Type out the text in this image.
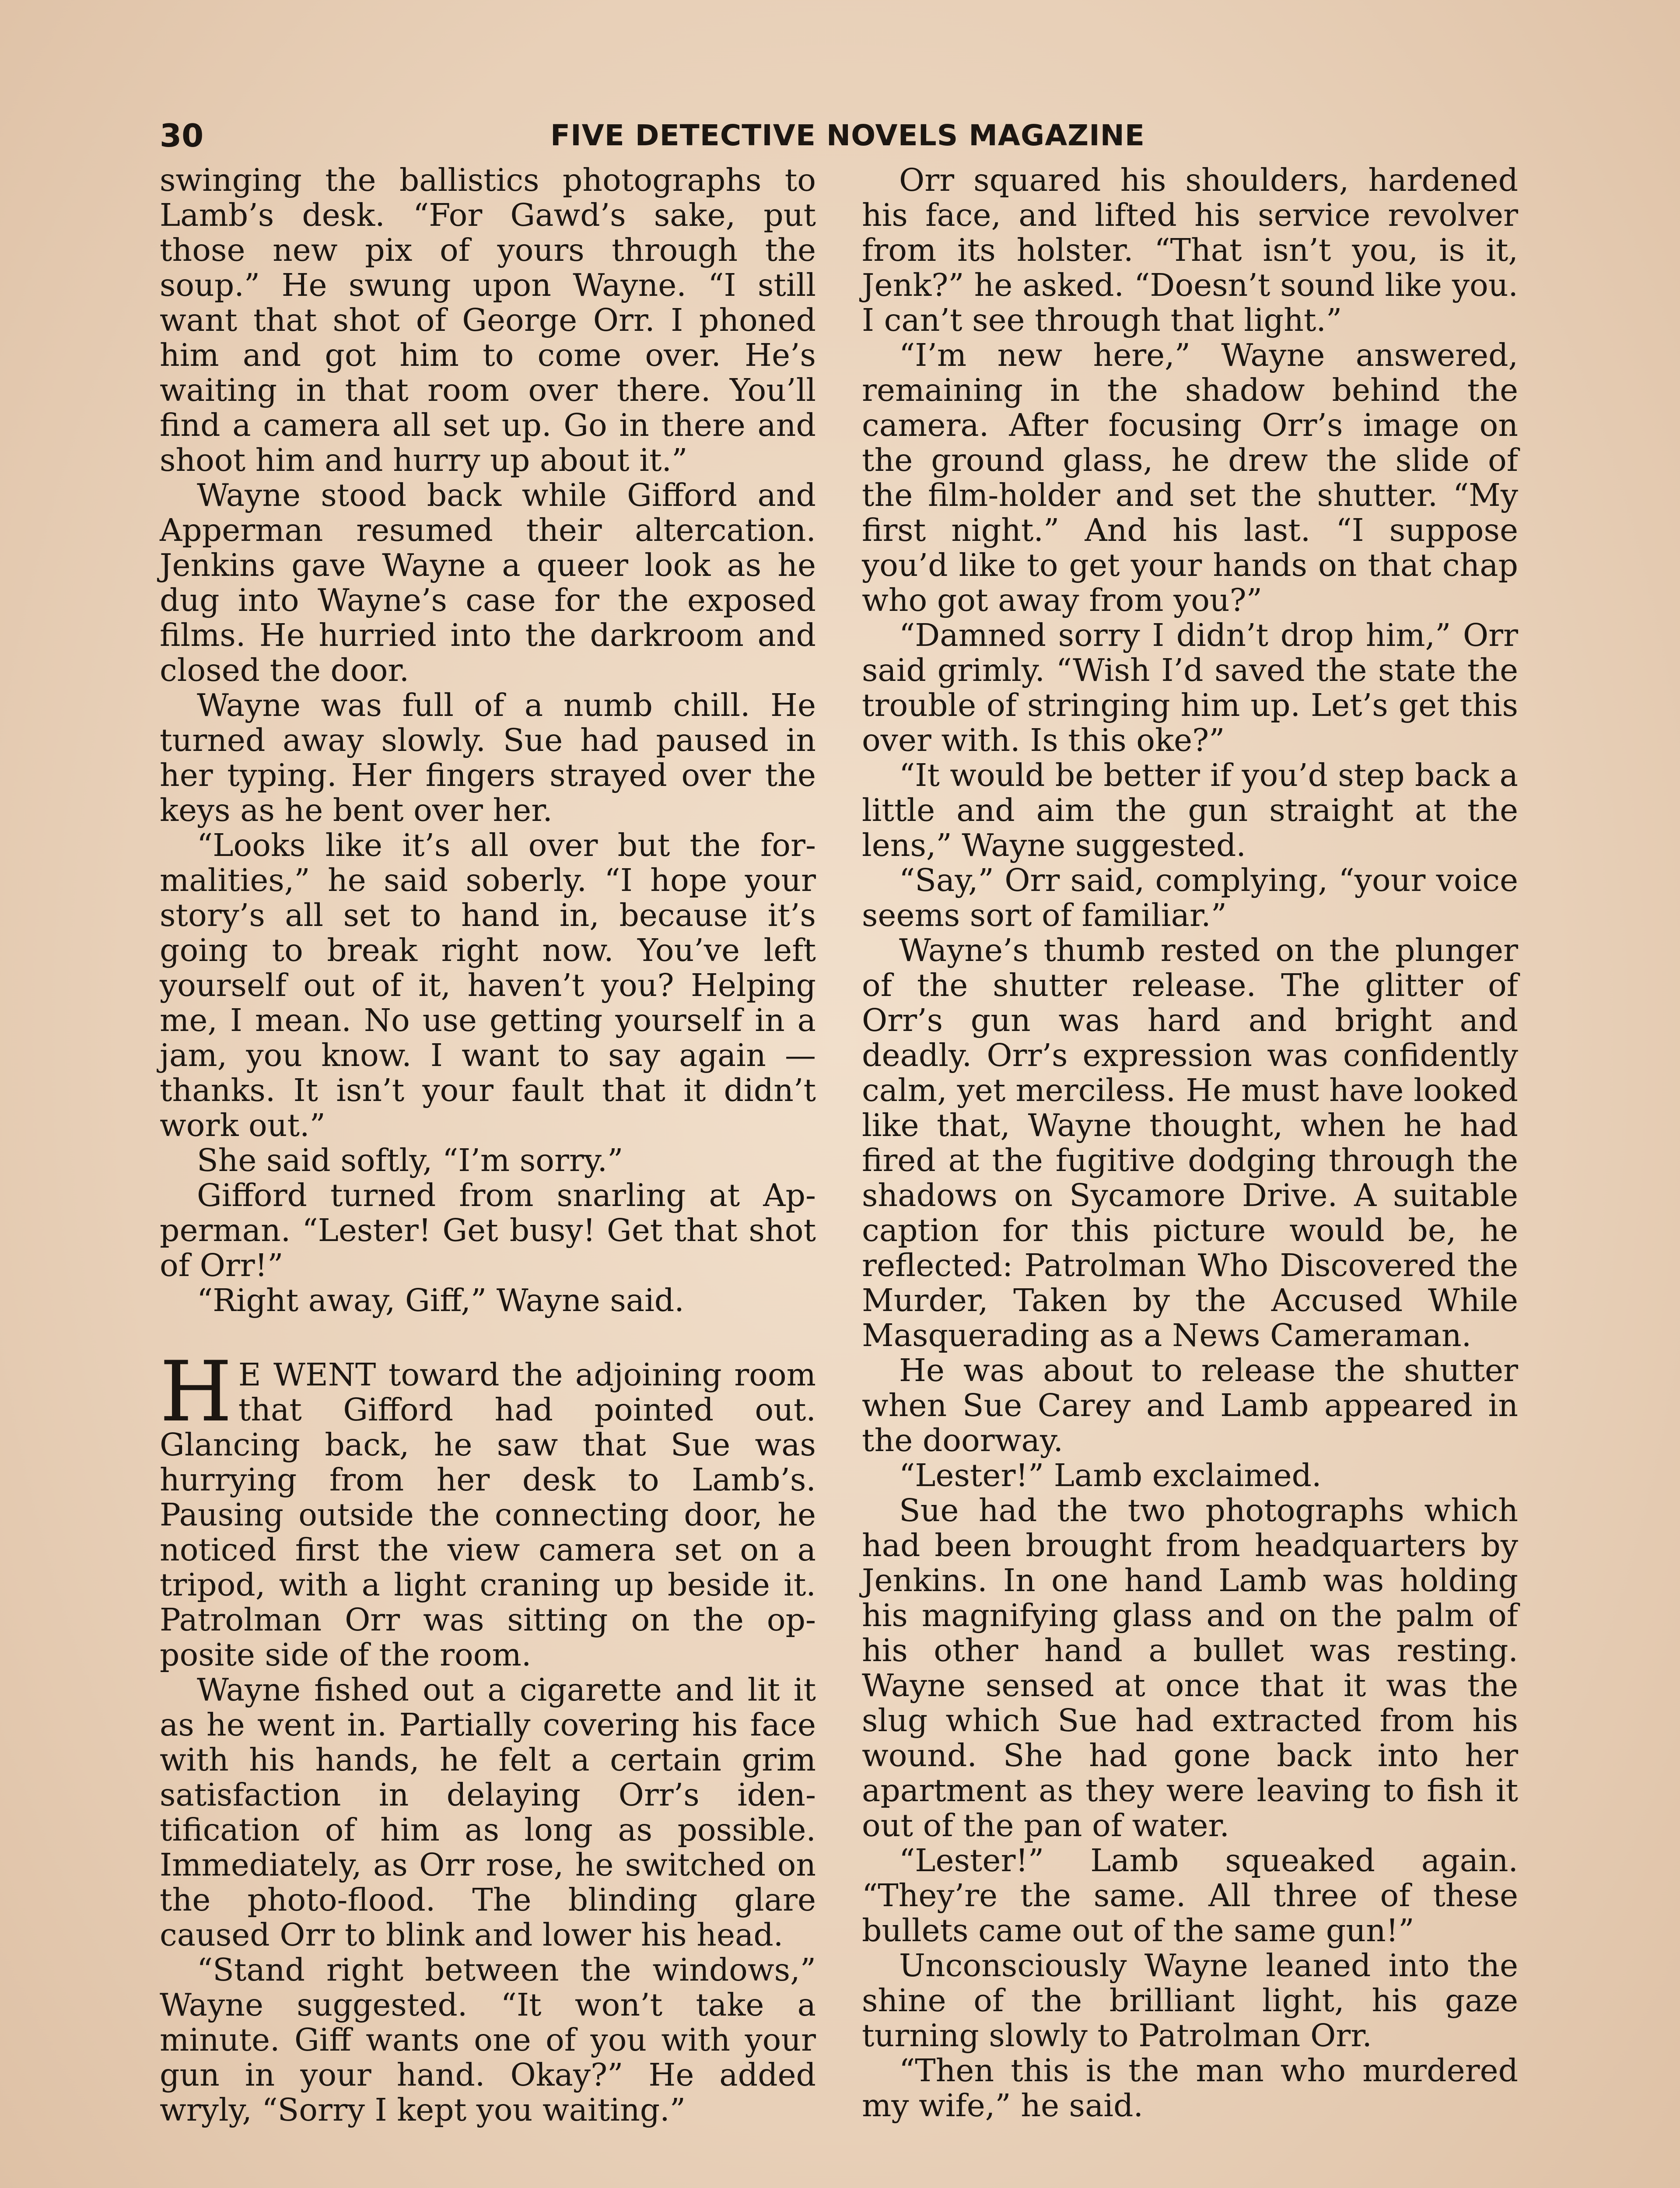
30	FIVE DETECTIVE NOVELS MAGAZINE

swinging the ballistics photographs to Lamb’s desk. “For Gawd’s sake, put those new pix of yours through the soup.” He swung upon Wayne. “I still want that shot of George Orr. I phoned him and got him to come over. He’s waiting in that room over there. You’ll find a camera all set up. Go in there and shoot him and hurry up about it.”

Wayne stood back while Gifford and Apperman resumed their altercation. Jenkins gave Wayne a queer look as he dug into Wayne’s case for the exposed films. He hurried into the darkroom and closed the door.

Wayne was full of a numb chill. He turned away slowly. Sue had paused in her typing. Her fingers strayed over the keys as he bent over her.

“Looks like it’s all over but the formalities,” he said soberly. “I hope your story’s all set to hand in, because it’s going to break right now. You’ve left yourself out of it, haven’t you? Helping me, I mean. No use getting yourself in a jam, you know. I want to say again —thanks. It isn’t your fault that it didn’t work out.”

She said softly, “I’m sorry.”

Gifford turned from snarling at Apperman. “Lester! Get busy! Get that shot of Orr!”

“Right away, Giff,” Wayne said.

H E WENT toward the adjoining room that Gifford had pointed out. Glancing back, he saw that Sue was hurrying from her desk to Lamb’s. Pausing outside the connecting door, he noticed first the view camera set on a tripod, with a light craning up beside it. Patrolman Orr was sitting on the opposite side of the room.

Wayne fished out a cigarette and lit it as he went in. Partially covering his face with his hands, he felt a certain grim satisfaction in delaying Orr’s identification of him as long as possible. Immediately, as Orr rose, he switched on the photo-flood. The blinding glare caused Orr to blink and lower his head.

“Stand right between the windows,” Wayne suggested. “It won’t take a minute. Giff wants one of you with your gun in your hand. Okay?” He added wryly, “Sorry I kept you waiting.”

Orr squared his shoulders, hardened his face, and lifted his service revolver from its holster. “That isn’t you, is it, Jenk?” he asked. “Doesn’t sound like you. I can’t see through that light.”

“I’m new here,” Wayne answered, remaining in the shadow behind the camera. After focusing Orr’s image on the ground glass, he drew the slide of the film-holder and set the shutter. “My first night.” And his last. “I suppose you’d like to get your hands on that chap who got away from you?”

“Damned sorry I didn’t drop him,” Orr said grimly. “Wish I’d saved the state the trouble of stringing him up. Let’s get this over with. Is this oke?”

“It would be better if you’d step back a little and aim the gun straight at the lens,” Wayne suggested.

“Say,” Orr said, complying, “your voice seems sort of familiar.”

Wayne’s thumb rested on the plunger of the shutter release. The glitter of Orr’s gun was hard and bright and deadly. Orr’s expression was confidently calm, yet merciless. He must have looked like that, Wayne thought, when he had fired at the fugitive dodging through the shadows on Sycamore Drive. A suitable caption for this picture would be, he reflected: Patrolman Who Discovered the Murder, Taken by the Accused While Masquerading as a News Cameraman.

He was about to release the shutter when Sue Carey and Lamb appeared in the doorway.

“Lester!” Lamb exclaimed.

Sue had the two photographs which had been brought from headquarters by Jenkins. In one hand Lamb was holding his magnifying glass and on the palm of his other hand a bullet was resting. Wayne sensed at once that it was the slug which Sue had extracted from his wound. She had gone back into her apartment as they were leaving to fish it out of the pan of water.

“Lester!” Lamb squeaked again. “They’re the same. All three of these bullets came out of the same gun!”

Unconsciously Wayne leaned into the shine of the brilliant light, his gaze turning slowly to Patrolman Orr.

“Then this is the man who murdered my wife,” he said.
